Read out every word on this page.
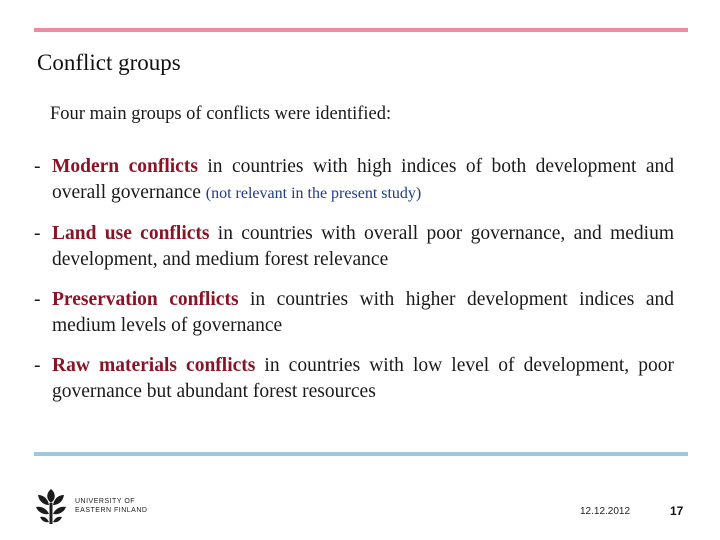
Conflict groups
Four main groups of conflicts were identified:
- Modern conflicts in countries with high indices of both development and overall governance (not relevant in the present study)
- Land use conflicts in countries with overall poor governance, and medium development, and medium forest relevance
- Preservation conflicts in countries with higher development indices and medium levels of governance
- Raw materials conflicts in countries with low level of development, poor governance but abundant forest resources
UNIVERSITY OF
EASTERN FINLAND	12.12.2012	17
